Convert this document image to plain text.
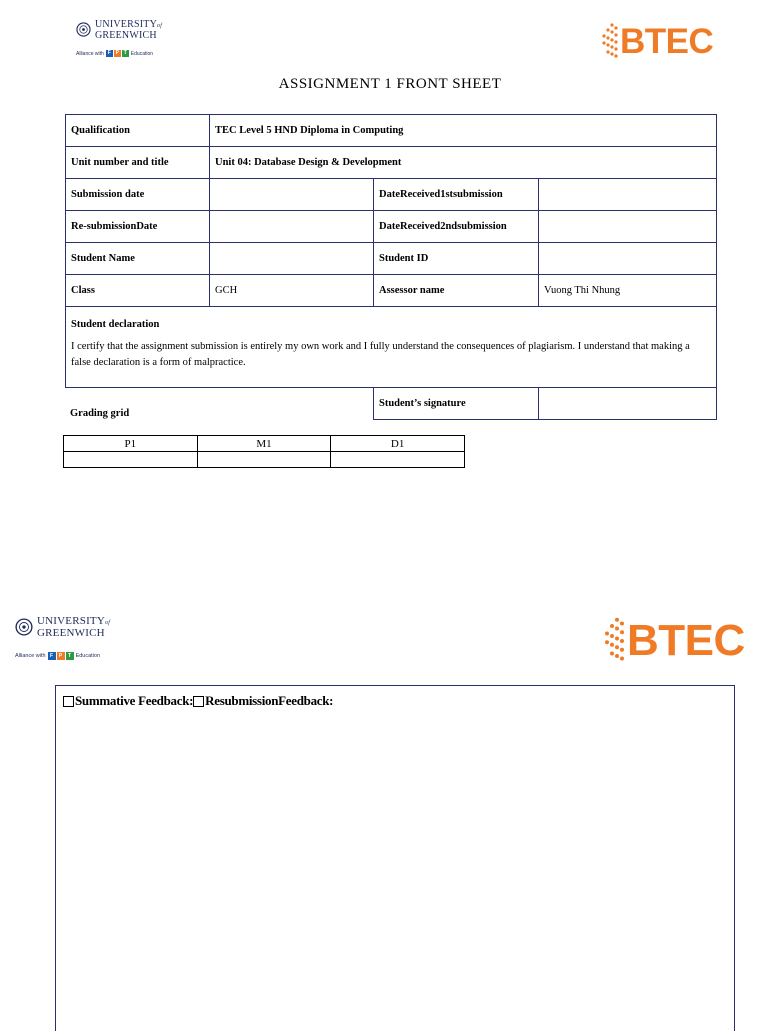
UNIVERSITYof
GREENWICH
Alliance with F P T Education	BTEC
ASSIGNMENT 1 FRONT SHEET
Qualification	TEC Level 5 HND Diploma in Computing		
Unit number and title	Unit 04: Database Design & Development		
Submission date		DateReceived1stsubmission	
Re-submissionDate		DateReceived2ndsubmission	
Student Name		Student ID	
Class	GCH	Assessor name	Vuong Thi Nhung

Student declaration
I certify that the assignment submission is entirely my own work and I fully understand the consequences of plagiarism. I understand that making a false declaration is a form of malpractice.			
		Student’s signature	
Grading grid
P1	M1	D1

UNIVERSITYof
GREENWICH
Alliance with F	P	T Education	BTEC
Summative Feedback: ResubmissionFeedback:
